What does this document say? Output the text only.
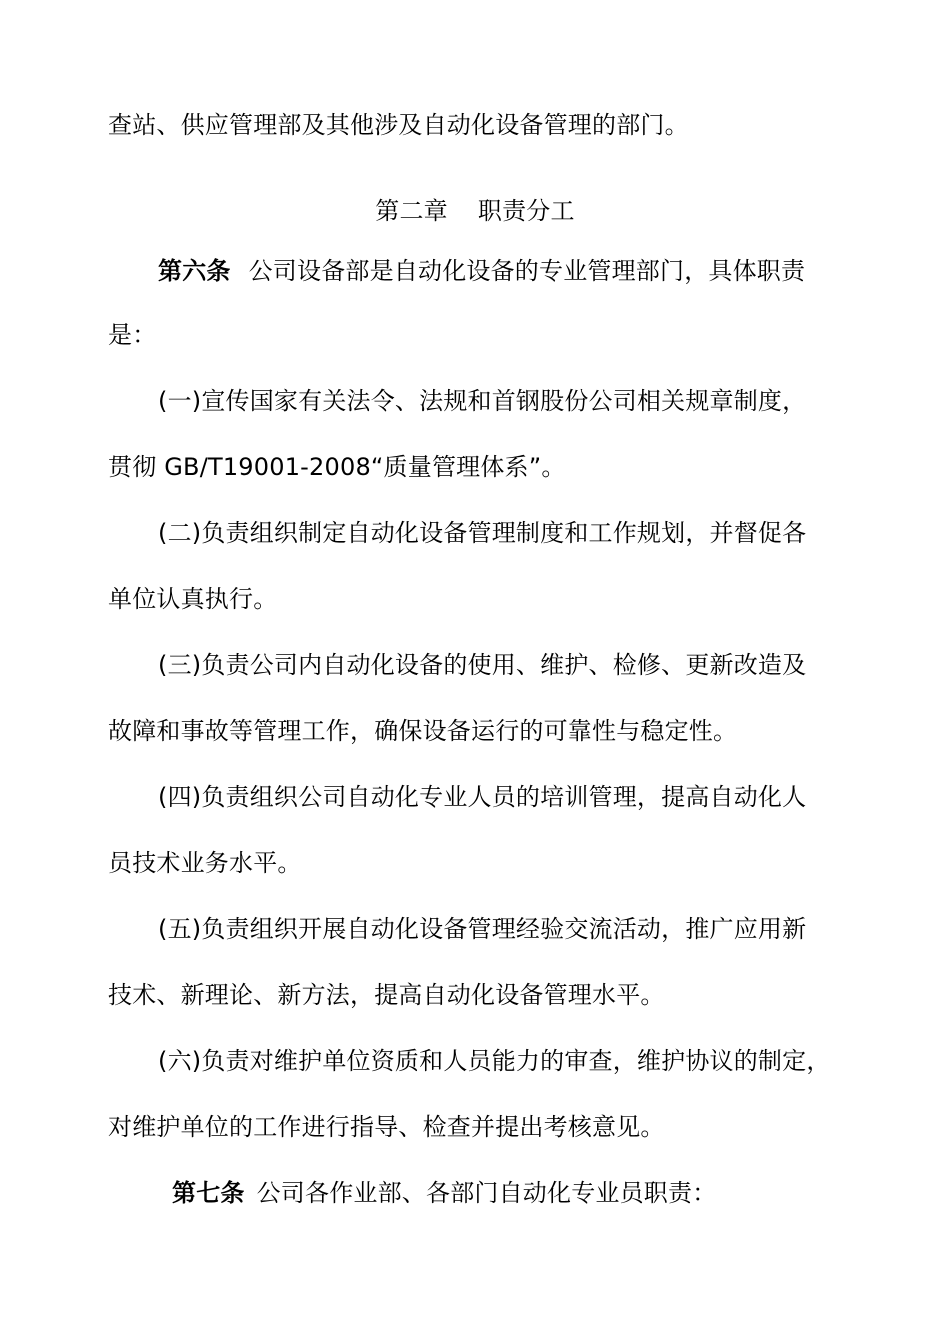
查站、供应管理部及其他涉及自动化设备管理的部门。
第二章 职责分工
第六条 公司设备部是自动化设备的专业管理部门，具体职责
是：
(一)宣传国家有关法令、法规和首钢股份公司相关规章制度，
贯彻 GB/T19001-2008“质量管理体系”。
(二)负责组织制定自动化设备管理制度和工作规划，并督促各
单位认真执行。
(三)负责公司内自动化设备的使用、维护、检修、更新改造及
故障和事故等管理工作，确保设备运行的可靠性与稳定性。
(四)负责组织公司自动化专业人员的培训管理，提高自动化人
员技术业务水平。
(五)负责组织开展自动化设备管理经验交流活动，推广应用新
技术、新理论、新方法，提高自动化设备管理水平。
(六)负责对维护单位资质和人员能力的审查，维护协议的制定，
对维护单位的工作进行指导、检查并提出考核意见。
第七条 公司各作业部、各部门自动化专业员职责：
